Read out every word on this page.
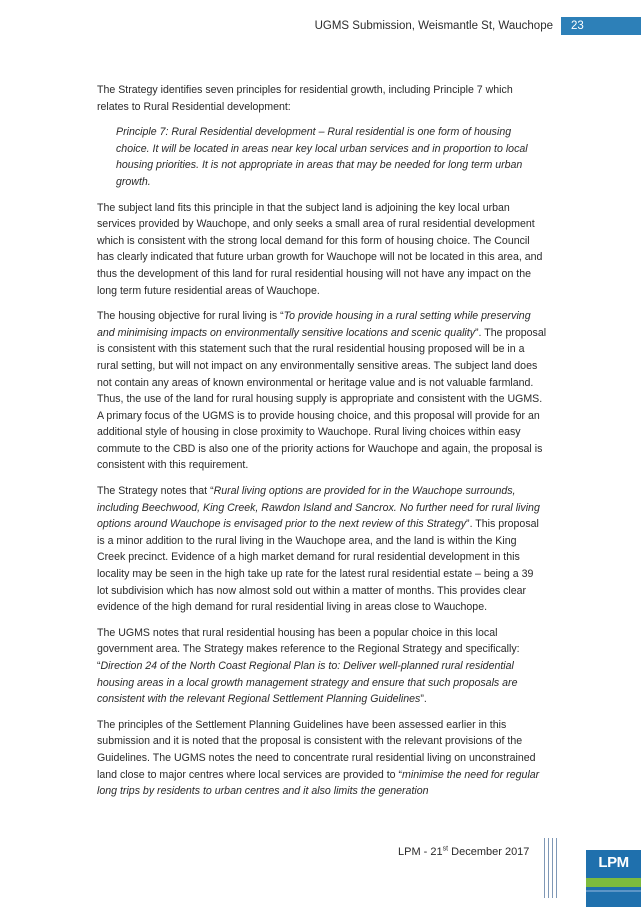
UGMS Submission, Weismantle St, Wauchope	23

The Strategy identifies seven principles for residential growth, including Principle 7 which relates to Rural Residential development:

Principle 7: Rural Residential development – Rural residential is one form of housing choice. It will be located in areas near key local urban services and in proportion to local housing priorities. It is not appropriate in areas that may be needed for long term urban growth.

The subject land fits this principle in that the subject land is adjoining the key local urban services provided by Wauchope, and only seeks a small area of rural residential development which is consistent with the strong local demand for this form of housing choice. The Council has clearly indicated that future urban growth for Wauchope will not be located in this area, and thus the development of this land for rural residential housing will not have any impact on the long term future residential areas of Wauchope.

The housing objective for rural living is “To provide housing in a rural setting while preserving and minimising impacts on environmentally sensitive locations and scenic quality”. The proposal is consistent with this statement such that the rural residential housing proposed will be in a rural setting, but will not impact on any environmentally sensitive areas. The subject land does not contain any areas of known environmental or heritage value and is not valuable farmland. Thus, the use of the land for rural housing supply is appropriate and consistent with the UGMS. A primary focus of the UGMS is to provide housing choice, and this proposal will provide for an additional style of housing in close proximity to Wauchope. Rural living choices within easy commute to the CBD is also one of the priority actions for Wauchope and again, the proposal is consistent with this requirement.

The Strategy notes that “Rural living options are provided for in the Wauchope surrounds, including Beechwood, King Creek, Rawdon Island and Sancrox. No further need for rural living options around Wauchope is envisaged prior to the next review of this Strategy”. This proposal is a minor addition to the rural living in the Wauchope area, and the land is within the King Creek precinct. Evidence of a high market demand for rural residential development in this locality may be seen in the high take up rate for the latest rural residential estate – being a 39 lot subdivision which has now almost sold out within a matter of months. This provides clear evidence of the high demand for rural residential living in areas close to Wauchope.

The UGMS notes that rural residential housing has been a popular choice in this local government area. The Strategy makes reference to the Regional Strategy and specifically: “Direction 24 of the North Coast Regional Plan is to: Deliver well-planned rural residential housing areas in a local growth management strategy and ensure that such proposals are consistent with the relevant Regional Settlement Planning Guidelines”.

The principles of the Settlement Planning Guidelines have been assessed earlier in this submission and it is noted that the proposal is consistent with the relevant provisions of the Guidelines. The UGMS notes the need to concentrate rural residential living on unconstrained land close to major centres where local services are provided to “minimise the need for regular long trips by residents to urban centres and it also limits the generation

LPM - 21st December 2017
LPM
